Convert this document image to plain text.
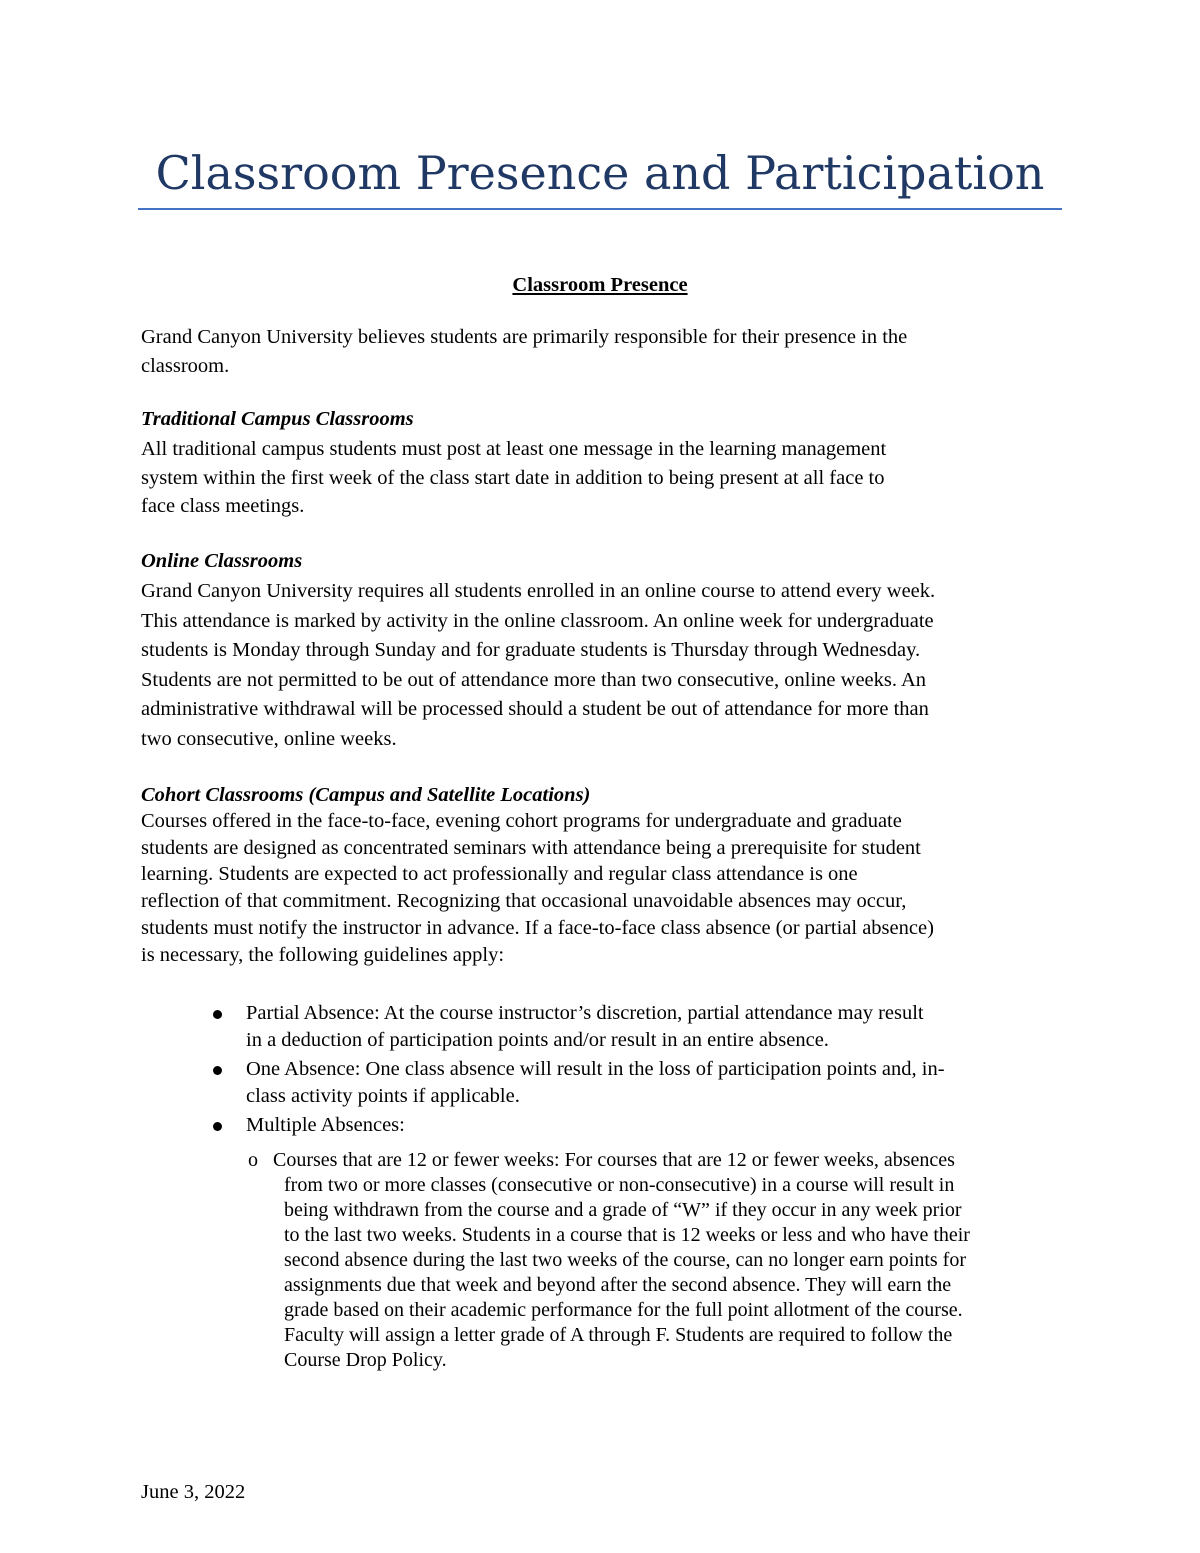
Classroom Presence and Participation
Classroom Presence
Grand Canyon University believes students are primarily responsible for their presence in the
classroom.
Traditional Campus Classrooms
All traditional campus students must post at least one message in the learning management
system within the first week of the class start date in addition to being present at all face to
face class meetings.
Online Classrooms
Grand Canyon University requires all students enrolled in an online course to attend every week.
This attendance is marked by activity in the online classroom. An online week for undergraduate
students is Monday through Sunday and for graduate students is Thursday through Wednesday.
Students are not permitted to be out of attendance more than two consecutive, online weeks. An
administrative withdrawal will be processed should a student be out of attendance for more than
two consecutive, online weeks.
Cohort Classrooms (Campus and Satellite Locations)
Courses offered in the face-to-face, evening cohort programs for undergraduate and graduate
students are designed as concentrated seminars with attendance being a prerequisite for student
learning. Students are expected to act professionally and regular class attendance is one
reflection of that commitment. Recognizing that occasional unavoidable absences may occur,
students must notify the instructor in advance. If a face-to-face class absence (or partial absence)
is necessary, the following guidelines apply:
Partial Absence: At the course instructor’s discretion, partial attendance may result
in a deduction of participation points and/or result in an entire absence.
One Absence: One class absence will result in the loss of participation points and, in-
class activity points if applicable.
Multiple Absences:
o Courses that are 12 or fewer weeks: For courses that are 12 or fewer weeks, absences
from two or more classes (consecutive or non-consecutive) in a course will result in
being withdrawn from the course and a grade of “W” if they occur in any week prior
to the last two weeks. Students in a course that is 12 weeks or less and who have their
second absence during the last two weeks of the course, can no longer earn points for
assignments due that week and beyond after the second absence. They will earn the
grade based on their academic performance for the full point allotment of the course.
Faculty will assign a letter grade of A through F. Students are required to follow the
Course Drop Policy.
June 3, 2022
